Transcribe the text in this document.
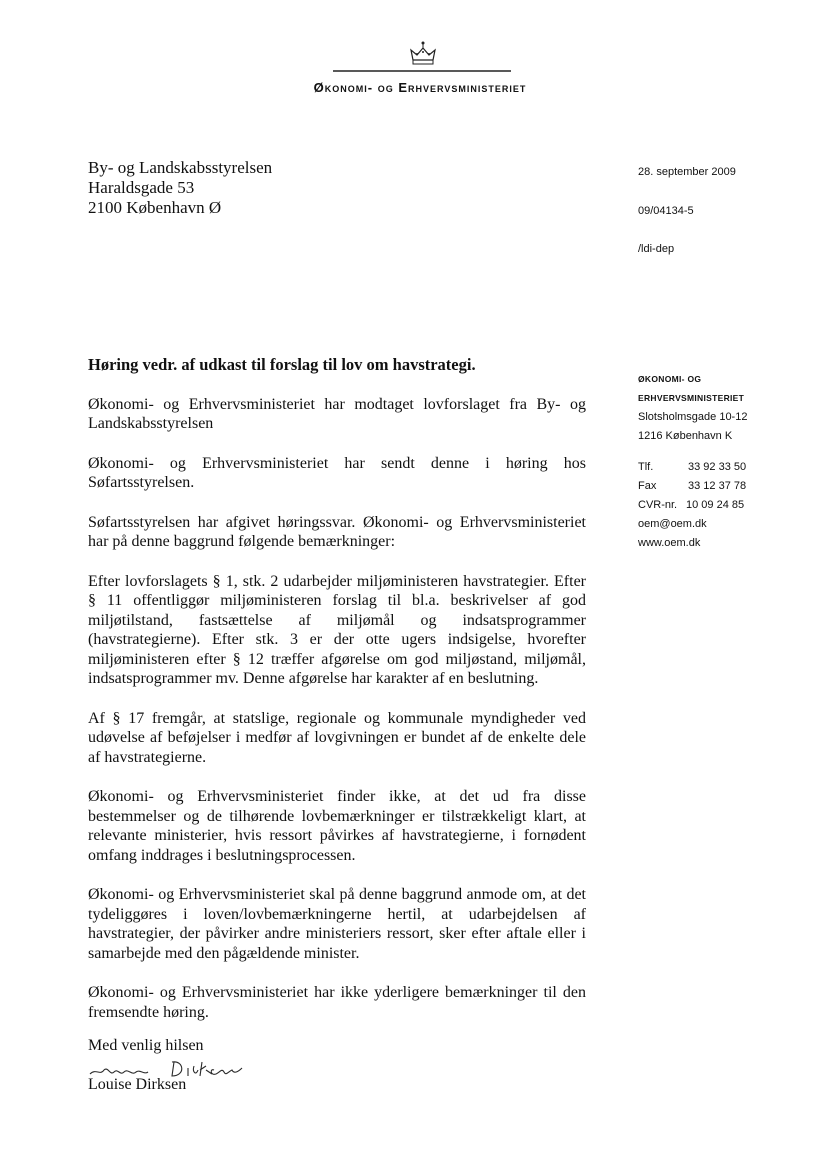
Økonomi- og Erhvervsministeriet
By- og Landskabsstyrelsen
Haraldsgade 53
2100 København Ø
28. september 2009
09/04134-5
/ldi-dep
ØKONOMI- OG
ERHVERVSMINISTERIET
Slotsholmsgade 10-12
1216 København K
Tlf.	33 92 33 50
Fax	33 12 37 78
CVR-nr. 10 09 24 85
oem@oem.dk
www.oem.dk

Høring vedr. af udkast til forslag til lov om havstrategi.

Økonomi- og Erhvervsministeriet har modtaget lovforslaget fra By- og Landskabsstyrelsen

Økonomi- og Erhvervsministeriet har sendt denne i høring hos Søfartsstyrelsen.

Søfartsstyrelsen har afgivet høringssvar. Økonomi- og Erhvervsministeriet har på denne baggrund følgende bemærkninger:

Efter lovforslagets § 1, stk. 2 udarbejder miljøministeren havstrategier. Efter § 11 offentliggør miljøministeren forslag til bl.a. beskrivelser af god miljøtilstand, fastsættelse af miljømål og indsatsprogrammer (havstrategierne). Efter stk. 3 er der otte ugers indsigelse, hvorefter miljøministeren efter § 12 træffer afgørelse om god miljøstand, miljømål, indsatsprogrammer mv. Denne afgørelse har karakter af en beslutning.

Af § 17 fremgår, at statslige, regionale og kommunale myndigheder ved udøvelse af beføjelser i medfør af lovgivningen er bundet af de enkelte dele af havstrategierne.

Økonomi- og Erhvervsministeriet finder ikke, at det ud fra disse bestemmelser og de tilhørende lovbemærkninger er tilstrækkeligt klart, at relevante ministerier, hvis ressort påvirkes af havstrategierne, i fornødent omfang inddrages i beslutningsprocessen.

Økonomi- og Erhvervsministeriet skal på denne baggrund anmode om, at det tydeliggøres i loven/lovbemærkningerne hertil, at udarbejdelsen af havstrategier, der påvirker andre ministeriers ressort, sker efter aftale eller i samarbejde med den pågældende minister.

Økonomi- og Erhvervsministeriet har ikke yderligere bemærkninger til den fremsendte høring.

Med venlig hilsen
Louise Dirksen
